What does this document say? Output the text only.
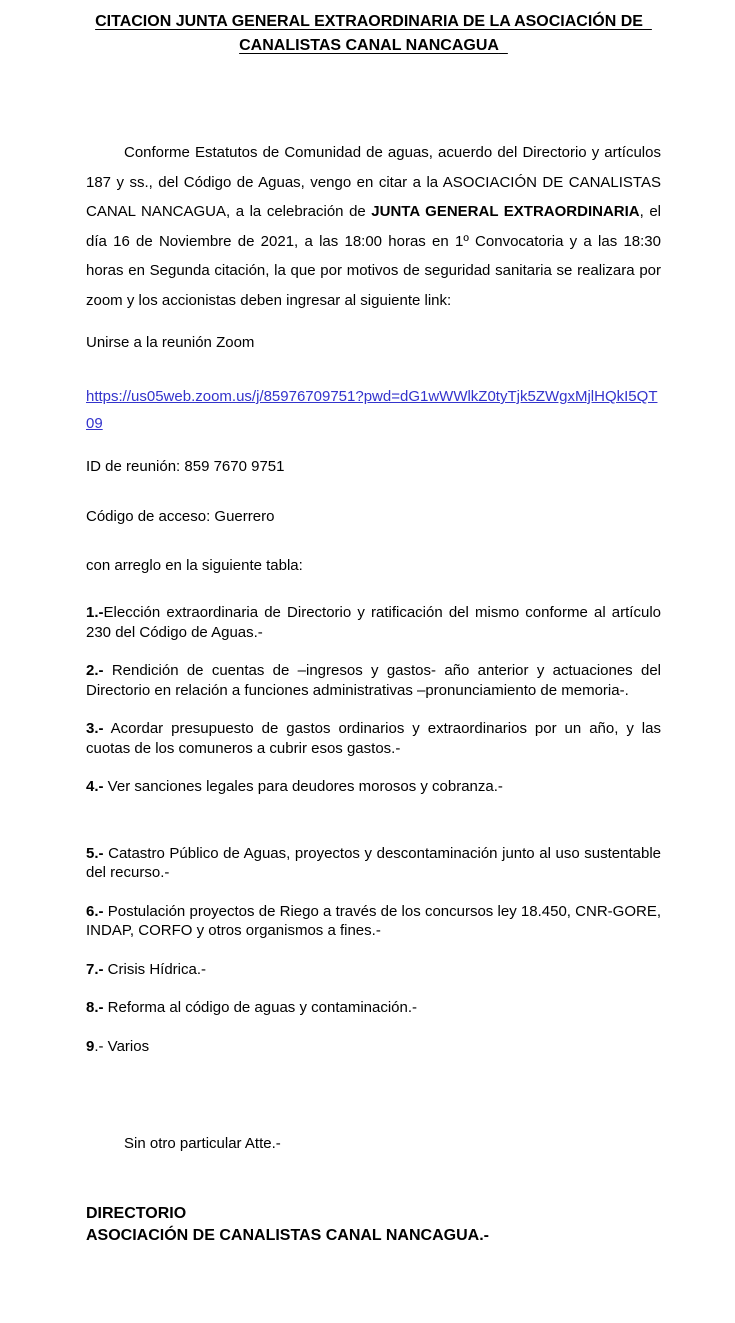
CITACION JUNTA GENERAL EXTRAORDINARIA DE LA ASOCIACIÓN DE
CANALISTAS CANAL NANCAGUA

Conforme Estatutos de Comunidad de aguas, acuerdo del Directorio y artículos 187 y ss., del Código de Aguas, vengo en citar a la ASOCIACIÓN DE CANALISTAS CANAL NANCAGUA, a la celebración de JUNTA GENERAL EXTRAORDINARIA, el día 16 de Noviembre de 2021, a las 18:00 horas en 1º Convocatoria y a las 18:30 horas en Segunda citación, la que por motivos de seguridad sanitaria se realizara por zoom y los accionistas deben ingresar al siguiente link:

Unirse a la reunión Zoom

https://us05web.zoom.us/j/85976709751?pwd=dG1wWWlkZ0tyTjk5ZWgxMjlHQkI5QT09

ID de reunión: 859 7670 9751

Código de acceso: Guerrero

con arreglo en la siguiente tabla:

1.-Elección extraordinaria de Directorio y ratificación del mismo conforme al artículo 230 del Código de Aguas.-

2.- Rendición de cuentas de –ingresos y gastos- año anterior y actuaciones del Directorio en relación a funciones administrativas –pronunciamiento de memoria-.

3.- Acordar presupuesto de gastos ordinarios y extraordinarios por un año, y las cuotas de los comuneros a cubrir esos gastos.-

4.- Ver sanciones legales para deudores morosos y cobranza.-

5.- Catastro Público de Aguas, proyectos y descontaminación junto al uso sustentable del recurso.-

6.- Postulación proyectos de Riego a través de los concursos ley 18.450, CNR-GORE, INDAP, CORFO y otros organismos a fines.-

7.- Crisis Hídrica.-

8.- Reforma al código de aguas y contaminación.-

9.- Varios

Sin otro particular Atte.-

DIRECTORIO
ASOCIACIÓN DE CANALISTAS CANAL NANCAGUA.-
